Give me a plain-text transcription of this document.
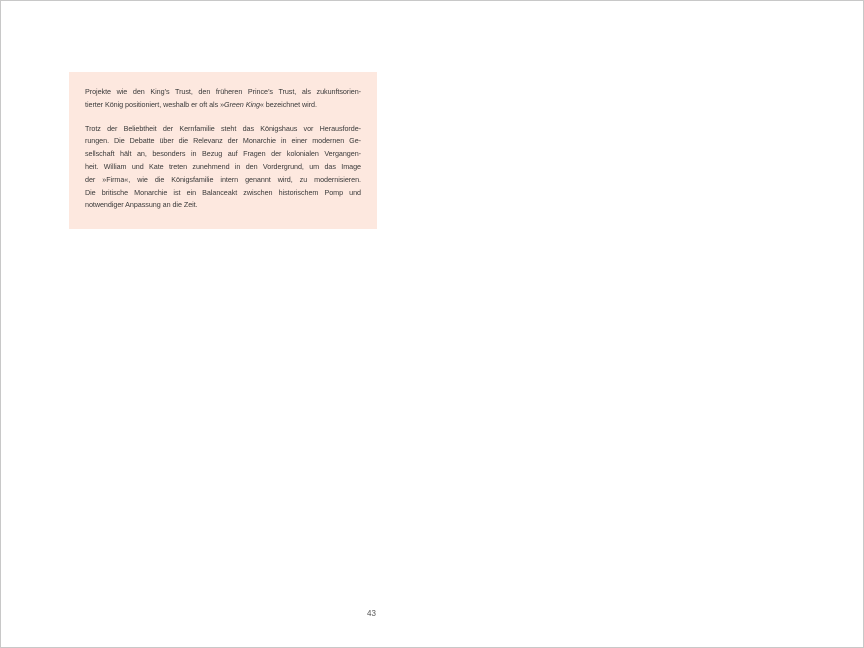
Projekte wie den King’s Trust, den früheren Prince’s Trust, als zukunftsorien-
tierter König positioniert, weshalb er oft als »Green King« bezeichnet wird.

Trotz der Beliebtheit der Kernfamilie steht das Königshaus vor Herausforde-
rungen. Die Debatte über die Relevanz der Monarchie in einer modernen Ge-
sellschaft hält an, besonders in Bezug auf Fragen der kolonialen Vergangen-
heit. William und Kate treten zunehmend in den Vordergrund, um das Image
der »Firma«, wie die Königsfamilie intern genannt wird, zu modernisieren.
Die britische Monarchie ist ein Balanceakt zwischen historischem Pomp und
notwendiger Anpassung an die Zeit.

43
